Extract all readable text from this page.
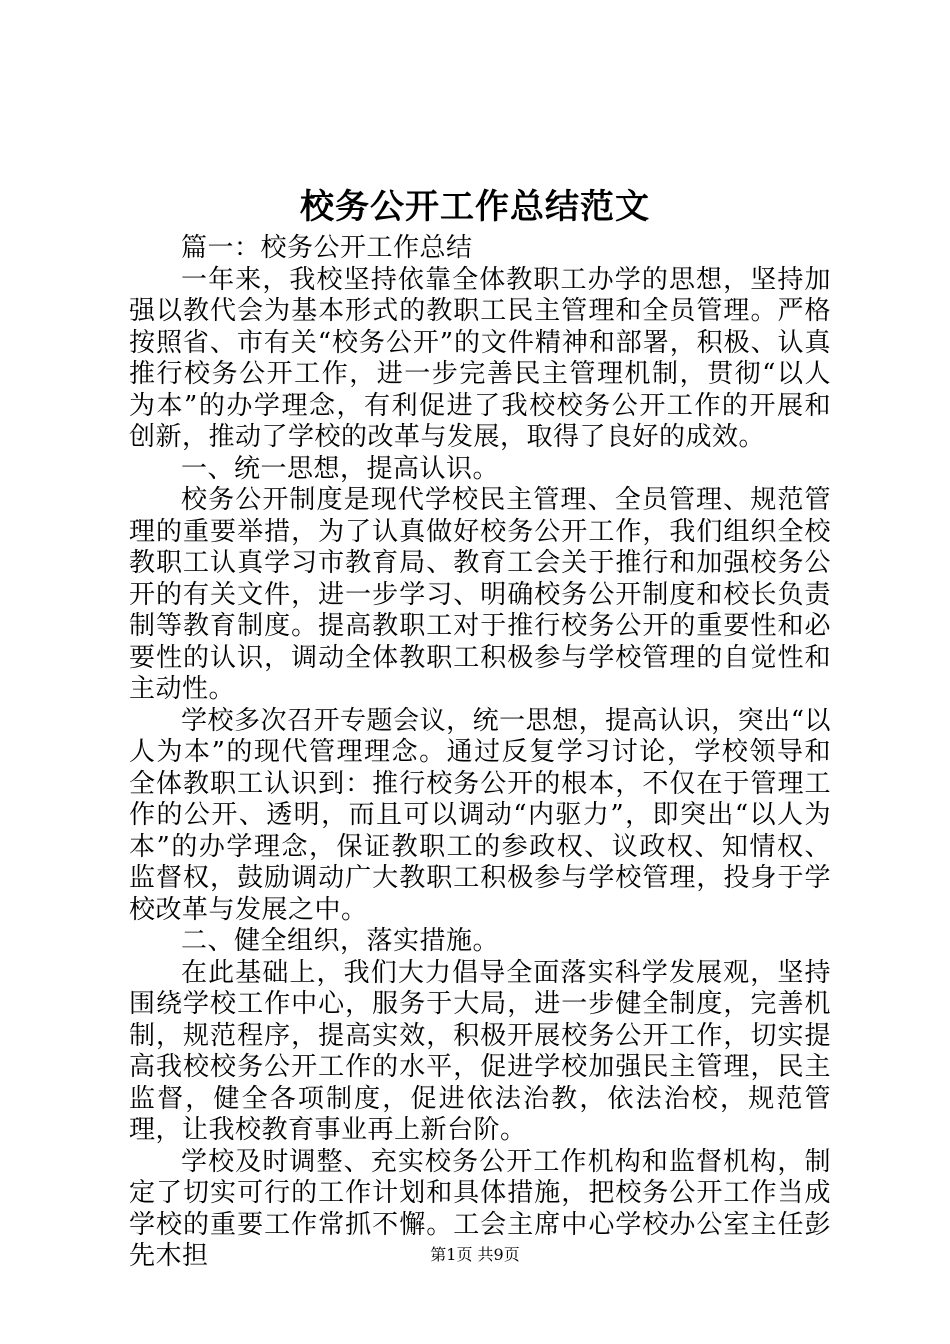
校务公开工作总结范文

篇一：校务公开工作总结

一年来，我校坚持依靠全体教职工办学的思想，坚持加强以教代会为基本形式的教职工民主管理和全员管理。严格按照省、市有关“校务公开”的文件精神和部署，积极、认真推行校务公开工作，进一步完善民主管理机制，贯彻“以人为本”的办学理念，有利促进了我校校务公开工作的开展和创新，推动了学校的改革与发展，取得了良好的成效。

一、统一思想，提高认识。

校务公开制度是现代学校民主管理、全员管理、规范管理的重要举措，为了认真做好校务公开工作，我们组织全校教职工认真学习市教育局、教育工会关于推行和加强校务公开的有关文件，进一步学习、明确校务公开制度和校长负责制等教育制度。提高教职工对于推行校务公开的重要性和必要性的认识，调动全体教职工积极参与学校管理的自觉性和主动性。

学校多次召开专题会议，统一思想，提高认识，突出“以人为本”的现代管理理念。通过反复学习讨论，学校领导和全体教职工认识到：推行校务公开的根本，不仅在于管理工作的公开、透明，而且可以调动“内驱力”，即突出“以人为本”的办学理念，保证教职工的参政权、议政权、知情权、监督权，鼓励调动广大教职工积极参与学校管理，投身于学校改革与发展之中。

二、健全组织，落实措施。

在此基础上，我们大力倡导全面落实科学发展观，坚持围绕学校工作中心，服务于大局，进一步健全制度，完善机制，规范程序，提高实效，积极开展校务公开工作，切实提高我校校务公开工作的水平，促进学校加强民主管理，民主监督，健全各项制度，促进依法治教，依法治校，规范管理，让我校教育事业再上新台阶。

学校及时调整、充实校务公开工作机构和监督机构，制定了切实可行的工作计划和具体措施，把校务公开工作当成学校的重要工作常抓不懈。工会主席中心学校办公室主任彭先木担	第1页 共9页
